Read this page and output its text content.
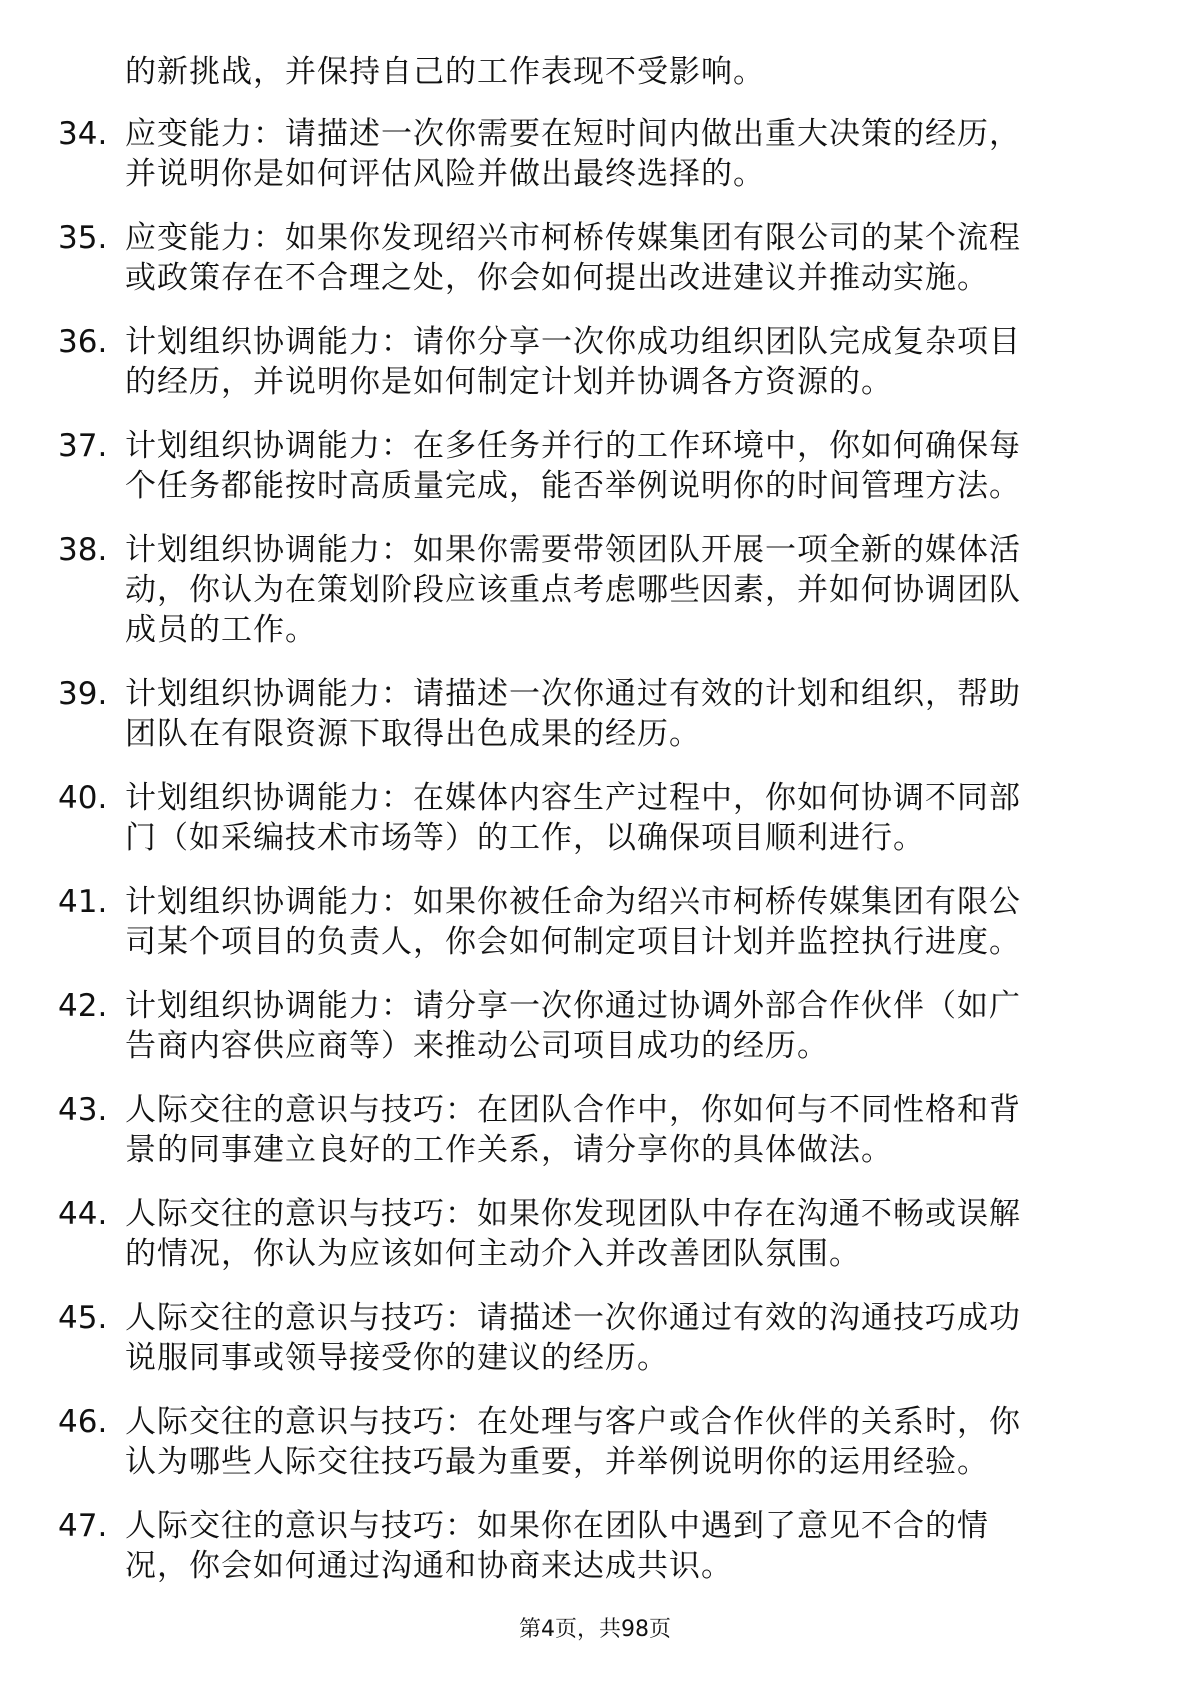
的新挑战，并保持自己的工作表现不受影响。
34. 应变能力：请描述一次你需要在短时间内做出重大决策的经历，
并说明你是如何评估风险并做出最终选择的。
35. 应变能力：如果你发现绍兴市柯桥传媒集团有限公司的某个流程
或政策存在不合理之处，你会如何提出改进建议并推动实施。
36. 计划组织协调能力：请你分享一次你成功组织团队完成复杂项目
的经历，并说明你是如何制定计划并协调各方资源的。
37. 计划组织协调能力：在多任务并行的工作环境中，你如何确保每
个任务都能按时高质量完成，能否举例说明你的时间管理方法。
38. 计划组织协调能力：如果你需要带领团队开展一项全新的媒体活
动，你认为在策划阶段应该重点考虑哪些因素，并如何协调团队
成员的工作。
39. 计划组织协调能力：请描述一次你通过有效的计划和组织，帮助
团队在有限资源下取得出色成果的经历。
40. 计划组织协调能力：在媒体内容生产过程中，你如何协调不同部
门（如采编技术市场等）的工作，以确保项目顺利进行。
41. 计划组织协调能力：如果你被任命为绍兴市柯桥传媒集团有限公
司某个项目的负责人，你会如何制定项目计划并监控执行进度。
42. 计划组织协调能力：请分享一次你通过协调外部合作伙伴（如广
告商内容供应商等）来推动公司项目成功的经历。
43. 人际交往的意识与技巧：在团队合作中，你如何与不同性格和背
景的同事建立良好的工作关系，请分享你的具体做法。
44. 人际交往的意识与技巧：如果你发现团队中存在沟通不畅或误解
的情况，你认为应该如何主动介入并改善团队氛围。
45. 人际交往的意识与技巧：请描述一次你通过有效的沟通技巧成功
说服同事或领导接受你的建议的经历。
46. 人际交往的意识与技巧：在处理与客户或合作伙伴的关系时，你
认为哪些人际交往技巧最为重要，并举例说明你的运用经验。
47. 人际交往的意识与技巧：如果你在团队中遇到了意见不合的情
况，你会如何通过沟通和协商来达成共识。
第4页，共98页
